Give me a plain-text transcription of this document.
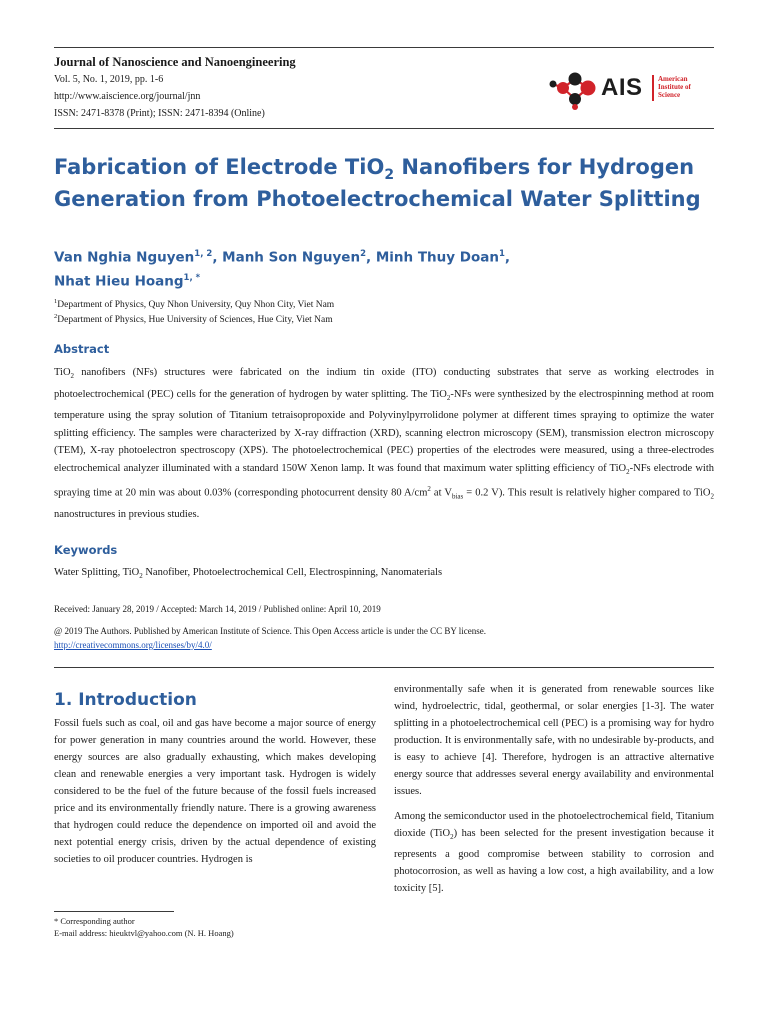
Journal of Nanoscience and Nanoengineering
Vol. 5, No. 1, 2019, pp. 1-6
http://www.aiscience.org/journal/jnn
ISSN: 2471-8378 (Print); ISSN: 2471-8394 (Online)
AIS American
Institute of
Science
Fabrication of Electrode TiO$_2$ Nanofibers for Hydrogen Generation from Photoelectrochemical Water Splitting
Van Nghia Nguyen$^{1, 2}$, Manh Son Nguyen$^2$, Minh Thuy Doan$^1$,
Nhat Hieu Hoang$^{1, *}$
$^1$Department of Physics, Quy Nhon University, Quy Nhon City, Viet Nam
$^2$Department of Physics, Hue University of Sciences, Hue City, Viet Nam
Abstract
TiO$_2$ nanofibers (NFs) structures were fabricated on the indium tin oxide (ITO) conducting substrates that serve as working electrodes in photoelectrochemical (PEC) cells for the generation of hydrogen by water splitting. The TiO$_2$-NFs were synthesized by the electrospinning method at room temperature using the spray solution of Titanium tetraisopropoxide and Polyvinylpyrrolidone polymer at different times spraying to optimize the water splitting efficiency. The samples were characterized by X-ray diffraction (XRD), scanning electron microscopy (SEM), transmission electron microscopy (TEM), X-ray photoelectron spectroscopy (XPS). The photoelectrochemical (PEC) properties of the electrodes were measured, using a three-electrodes electrochemical analyzer illuminated with a standard 150W Xenon lamp. It was found that maximum water splitting efficiency of TiO$_2$-NFs electrode with spraying time at 20 min was about 0.03% (corresponding photocurrent density 80 $A/cm^2$ at $V_{bias} = 0.2$ V). This result is relatively higher compared to TiO$_2$ nanostructures in previous studies.
Keywords
Water Splitting, TiO$_2$ Nanofiber, Photoelectrochemical Cell, Electrospinning, Nanomaterials
Received: January 28, 2019 / Accepted: March 14, 2019 / Published online: April 10, 2019
@ 2019 The Authors. Published by American Institute of Science. This Open Access article is under the CC BY license.
http://creativecommons.org/licenses/by/4.0/
1. Introduction

Fossil fuels such as coal, oil and gas have become a major source of energy for power generation in many countries around the world. However, these energy sources are also gradually exhausting, which makes developing clean and renewable energies a very important task. Hydrogen is widely considered to be the fuel of the future because of the fossil fuels increased price and its environmentally friendly nature. There is a growing awareness that hydrogen could reduce the dependence on imported oil and avoid the next potential energy crisis, driven by the actual dependence of existing societies to oil producer countries. Hydrogen is

environmentally safe when it is generated from renewable sources like wind, hydroelectric, tidal, geothermal, or solar energies [1-3]. The water splitting in a photoelectrochemical cell (PEC) is a promising way for hydro production. It is environmentally safe, with no undesirable by-products, and is easy to achieve [4]. Therefore, hydrogen is an attractive alternative energy source that addresses several energy availability and environmental issues.

Among the semiconductor used in the photoelectrochemical field, Titanium dioxide (TiO$_2$) has been selected for the present investigation because it represents a good compromise between stability to corrosion and photocorrosion, as well as having a low cost, a high availability, and a low toxicity [5].

* Corresponding author
E-mail address: hieuktvl@yahoo.com (N. H. Hoang)
